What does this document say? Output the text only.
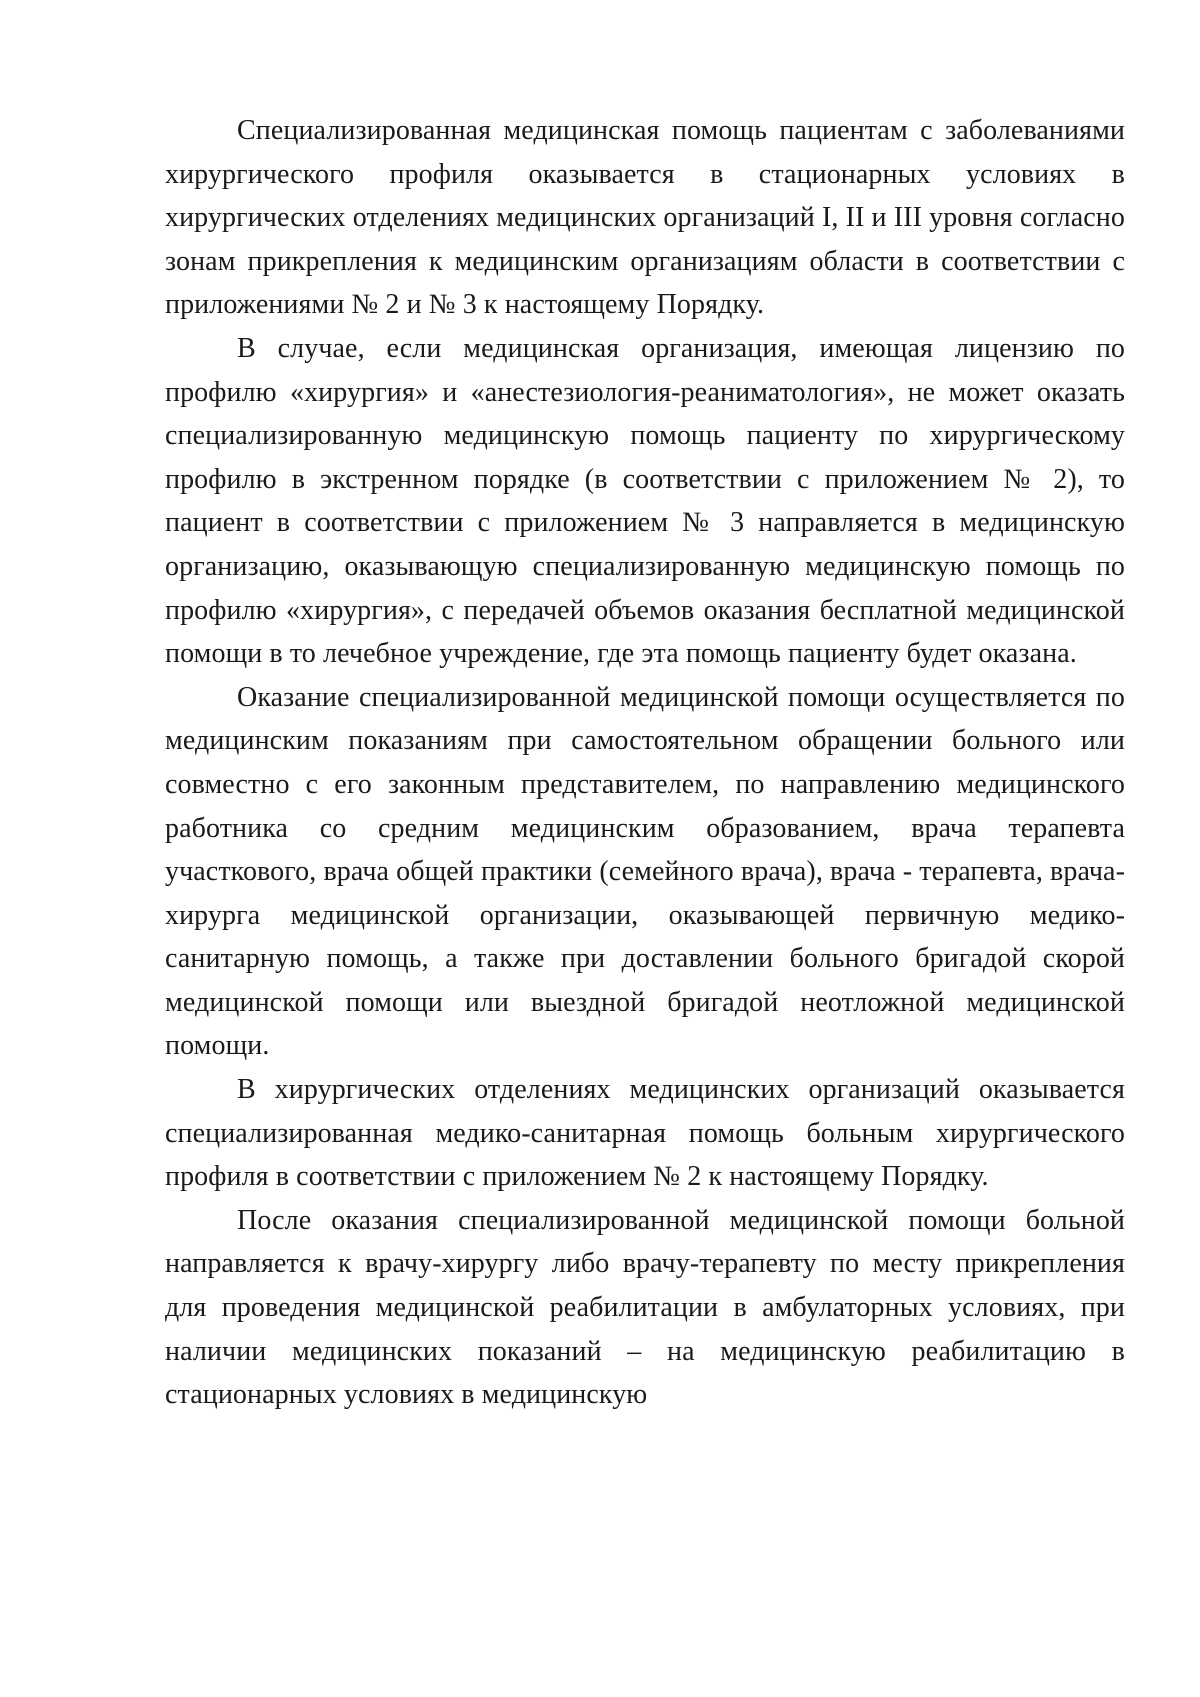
Специализированная медицинская помощь пациентам с заболеваниями хирургического профиля оказывается в стационарных условиях в хирургических отделениях медицинских организаций I, II и III уровня согласно зонам прикрепления к медицинским организациям области в соответствии с приложениями № 2 и № 3 к настоящему Порядку.

В случае, если медицинская организация, имеющая лицензию по профилю «хирургия» и «анестезиология-реаниматология», не может оказать специализированную медицинскую помощь пациенту по хирургическому профилю в экстренном порядке (в соответствии с приложением № 2), то пациент в соответствии с приложением № 3 направляется в медицинскую организацию, оказывающую специализированную медицинскую помощь по профилю «хирургия», с передачей объемов оказания бесплатной медицинской помощи в то лечебное учреждение, где эта помощь пациенту будет оказана.

Оказание специализированной медицинской помощи осуществляется по медицинским показаниям при самостоятельном обращении больного или совместно с его законным представителем, по направлению медицинского работника со средним медицинским образованием, врача терапевта участкового, врача общей практики (семейного врача), врача - терапевта, врача-хирурга медицинской организации, оказывающей первичную медико-санитарную помощь, а также при доставлении больного бригадой скорой медицинской помощи или выездной бригадой неотложной медицинской помощи.

В хирургических отделениях медицинских организаций оказывается специализированная медико-санитарная помощь больным хирургического профиля в соответствии с приложением № 2 к настоящему Порядку.

После оказания специализированной медицинской помощи больной направляется к врачу-хирургу либо врачу-терапевту по месту прикрепления для проведения медицинской реабилитации в амбулаторных условиях, при наличии медицинских показаний – на медицинскую реабилитацию в стационарных условиях в медицинскую
